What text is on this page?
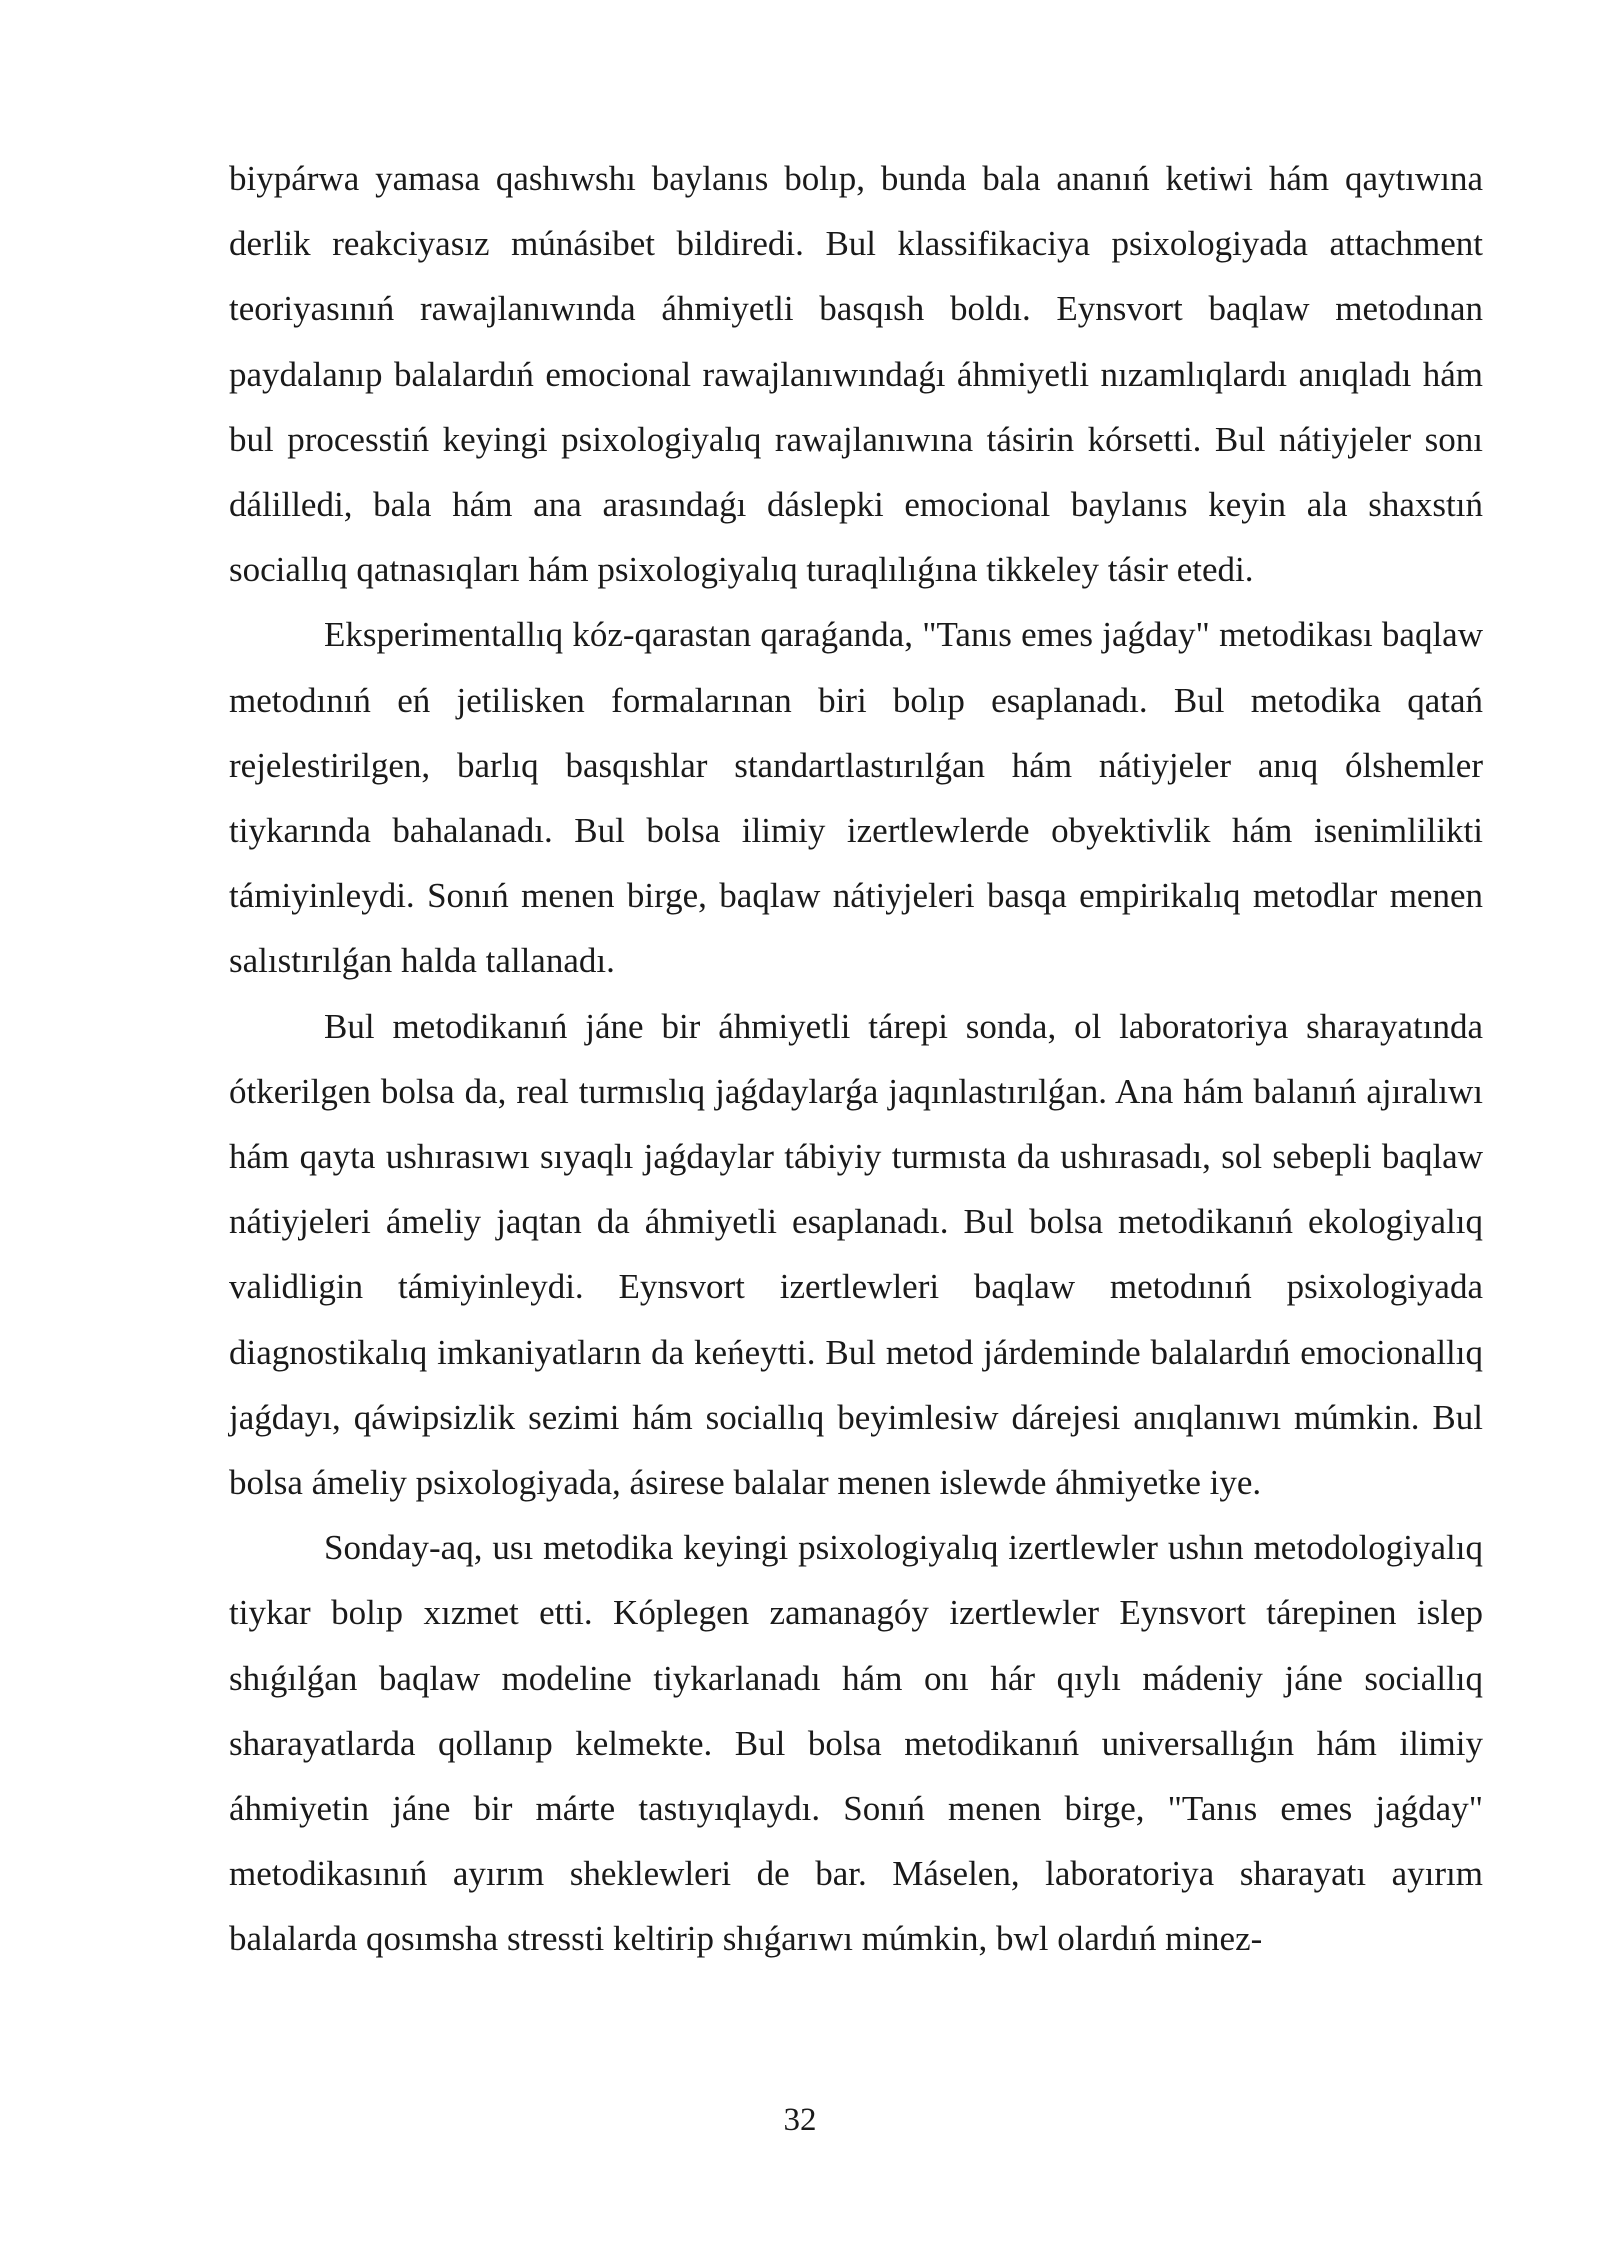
biypárwa yamasa qashıwshı baylanıs bolıp, bunda bala ananıń ketiwi hám qaytıwına derlik reakciyasız múnásibet bildiredi. Bul klassifikaciya psixologiyada attachment teoriyasınıń rawajlanıwında áhmiyetli basqısh boldı. Eynsvort baqlaw metodınan paydalanıp balalardıń emocional rawajlanıwındaǵı áhmiyetli nızamlıqlardı anıqladı hám bul processtiń keyingi psixologiyalıq rawajlanıwına tásirin kórsetti. Bul nátiyjeler sonı dálilledi, bala hám ana arasındaǵı dáslepki emocional baylanıs keyin ala shaxstıń sociallıq qatnasıqları hám psixologiyalıq turaqlılıǵına tikkeley tásir etedi.

Eksperimentallıq kóz-qarastan qaraǵanda, "Tanıs emes jaǵday" metodikası baqlaw metodınıń eń jetilisken formalarınan biri bolıp esaplanadı. Bul metodika qatań rejelestirilgen, barlıq basqıshlar standartlastırılǵan hám nátiyjeler anıq ólshemler tiykarında bahalanadı. Bul bolsa ilimiy izertlewlerde obyektivlik hám isenimlilikti támiyinleydi. Sonıń menen birge, baqlaw nátiyjeleri basqa empirikalıq metodlar menen salıstırılǵan halda tallanadı.

Bul metodikanıń jáne bir áhmiyetli tárepi sonda, ol laboratoriya sharayatında ótkerilgen bolsa da, real turmıslıq jaǵdaylarǵa jaqınlastırılǵan. Ana hám balanıń ajıralıwı hám qayta ushırasıwı sıyaqlı jaǵdaylar tábiyiy turmısta da ushırasadı, sol sebepli baqlaw nátiyjeleri ámeliy jaqtan da áhmiyetli esaplanadı. Bul bolsa metodikanıń ekologiyalıq validligin támiyinleydi. Eynsvort izertlewleri baqlaw metodınıń psixologiyada diagnostikalıq imkaniyatların da keńeytti. Bul metod járdeminde balalardıń emocionallıq jaǵdayı, qáwipsizlik sezimi hám sociallıq beyimlesiw dárejesi anıqlanıwı múmkin. Bul bolsa ámeliy psixologiyada, ásirese balalar menen islewde áhmiyetke iye.

Sonday-aq, usı metodika keyingi psixologiyalıq izertlewler ushın metodologiyalıq tiykar bolıp xızmet etti. Kóplegen zamanagóy izertlewler Eynsvort tárepinen islep shıǵılǵan baqlaw modeline tiykarlanadı hám onı hár qıylı mádeniy jáne sociallıq sharayatlarda qollanıp kelmekte. Bul bolsa metodikanıń universallıǵın hám ilimiy áhmiyetin jáne bir márte tastıyıqlaydı. Sonıń menen birge, "Tanıs emes jaǵday" metodikasınıń ayırım sheklewleri de bar. Máselen, laboratoriya sharayatı ayırım balalarda qosımsha stressti keltirip shıǵarıwı múmkin, bwl olardıń minez-

32
